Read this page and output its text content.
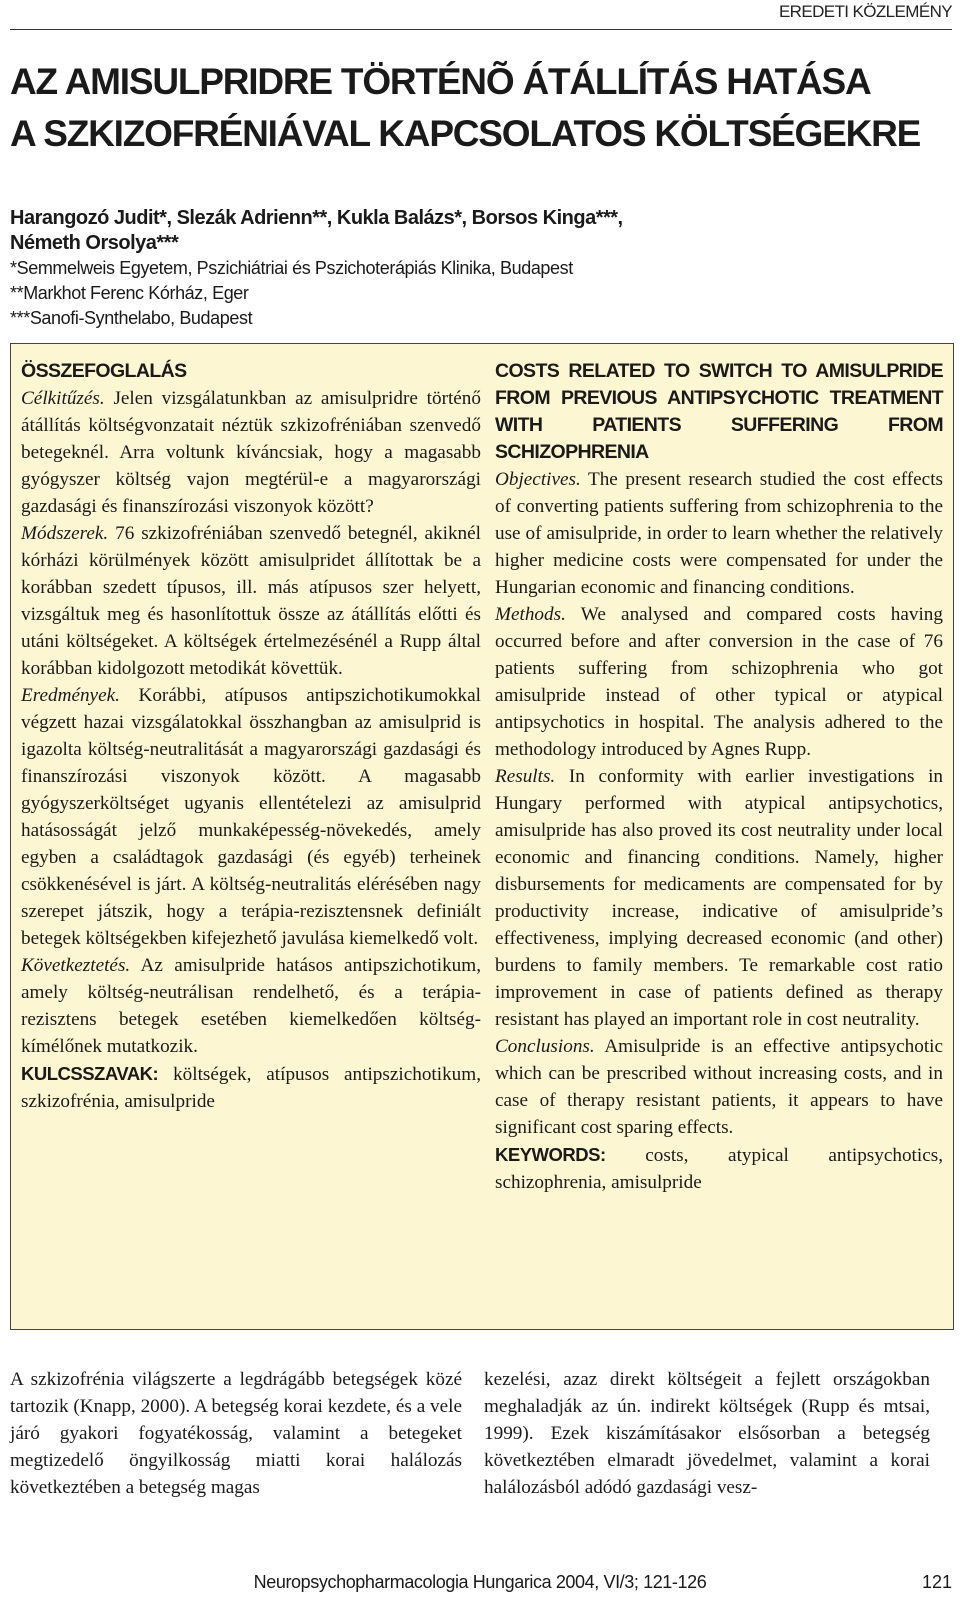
EREDETI KÖZLEMÉNY
AZ AMISULPRIDRE TÖRTÉNÕ ÁTÁLLÍTÁS HATÁSA
A SZKIZOFRÉNIÁVAL KAPCSOLATOS KÖLTSÉGEKRE
Harangozó Judit*, Slezák Adrienn**, Kukla Balázs*, Borsos Kinga***,
Németh Orsolya***
*Semmelweis Egyetem, Pszichiátriai és Pszichoterápiás Klinika, Budapest
**Markhot Ferenc Kórház, Eger
***Sanofi-Synthelabo, Budapest
ÖSSZEFOGLALÁS

Célkitűzés. Jelen vizsgálatunkban az amisulpridre történő átállítás költségvonzatait néztük szkizofréniában szenvedő betegeknél. Arra voltunk kíváncsiak, hogy a magasabb gyógyszer költség vajon megtérül-e a magyarországi gazdasági és finanszírozási viszonyok között?

Módszerek. 76 szkizofréniában szenvedő betegnél, akiknél kórházi körülmények között amisulpridet állítottak be a korábban szedett típusos, ill. más atípusos szer helyett, vizsgáltuk meg és hasonlítottuk össze az átállítás előtti és utáni költségeket. A költségek értelmezésénél a Rupp által korábban kidolgozott metodikát követtük.

Eredmények. Korábbi, atípusos antipszichotikumokkal végzett hazai vizsgálatokkal összhangban az amisulprid is igazolta költség-neutralitását a magyarországi gazdasági és finanszírozási viszonyok között. A magasabb gyógyszerköltséget ugyanis ellentételezi az amisulprid hatásosságát jelző munkaképesség-növekedés, amely egyben a családtagok gazdasági (és egyéb) terheinek csökkenésével is járt. A költség-neutralitás elérésében nagy szerepet játszik, hogy a terápia-rezisztensnek definiált betegek költségekben kifejezhető javulása kiemelkedő volt.

Következtetés. Az amisulpride hatásos antipszichotikum, amely költség-neutrálisan rendelhető, és a terápia-rezisztens betegek esetében kiemelkedően költség-kímélőnek mutatkozik.

KULCSSZAVAK: költségek, atípusos antipszichotikum, szkizofrénia, amisulpride

COSTS RELATED TO SWITCH TO AMISULPRIDE FROM PREVIOUS ANTIPSYCHOTIC TREATMENT WITH PATIENTS SUFFERING FROM SCHIZOPHRENIA

Objectives. The present research studied the cost effects of converting patients suffering from schizophrenia to the use of amisulpride, in order to learn whether the relatively higher medicine costs were compensated for under the Hungarian economic and financing conditions.

Methods. We analysed and compared costs having occurred before and after conversion in the case of 76 patients suffering from schizophrenia who got amisulpride instead of other typical or atypical antipsychotics in hospital. The analysis adhered to the methodology introduced by Agnes Rupp.

Results. In conformity with earlier investigations in Hungary performed with atypical antipsychotics, amisulpride has also proved its cost neutrality under local economic and financing conditions. Namely, higher disbursements for medicaments are compensated for by productivity increase, indicative of amisulpride’s effectiveness, implying decreased economic (and other) burdens to family members. Te remarkable cost ratio improvement in case of patients defined as therapy resistant has played an important role in cost neutrality.

Conclusions. Amisulpride is an effective antipsychotic which can be prescribed without increasing costs, and in case of therapy resistant patients, it appears to have significant cost sparing effects.

KEYWORDS: costs, atypical antipsychotics, schizophrenia, amisulpride

A szkizofrénia világszerte a legdrágább betegségek közé tartozik (Knapp, 2000). A betegség korai kezdete, és a vele járó gyakori fogyatékosság, valamint a betegeket megtizedelő öngyilkosság miatti korai halálozás következtében a betegség magas

kezelési, azaz direkt költségeit a fejlett országokban meghaladják az ún. indirekt költségek (Rupp és mtsai, 1999). Ezek kiszámításakor elsősorban a betegség következtében elmaradt jövedelmet, valamint a korai halálozásból adódó gazdasági vesz-

Neuropsychopharmacologia Hungarica 2004, VI/3; 121-126	121
